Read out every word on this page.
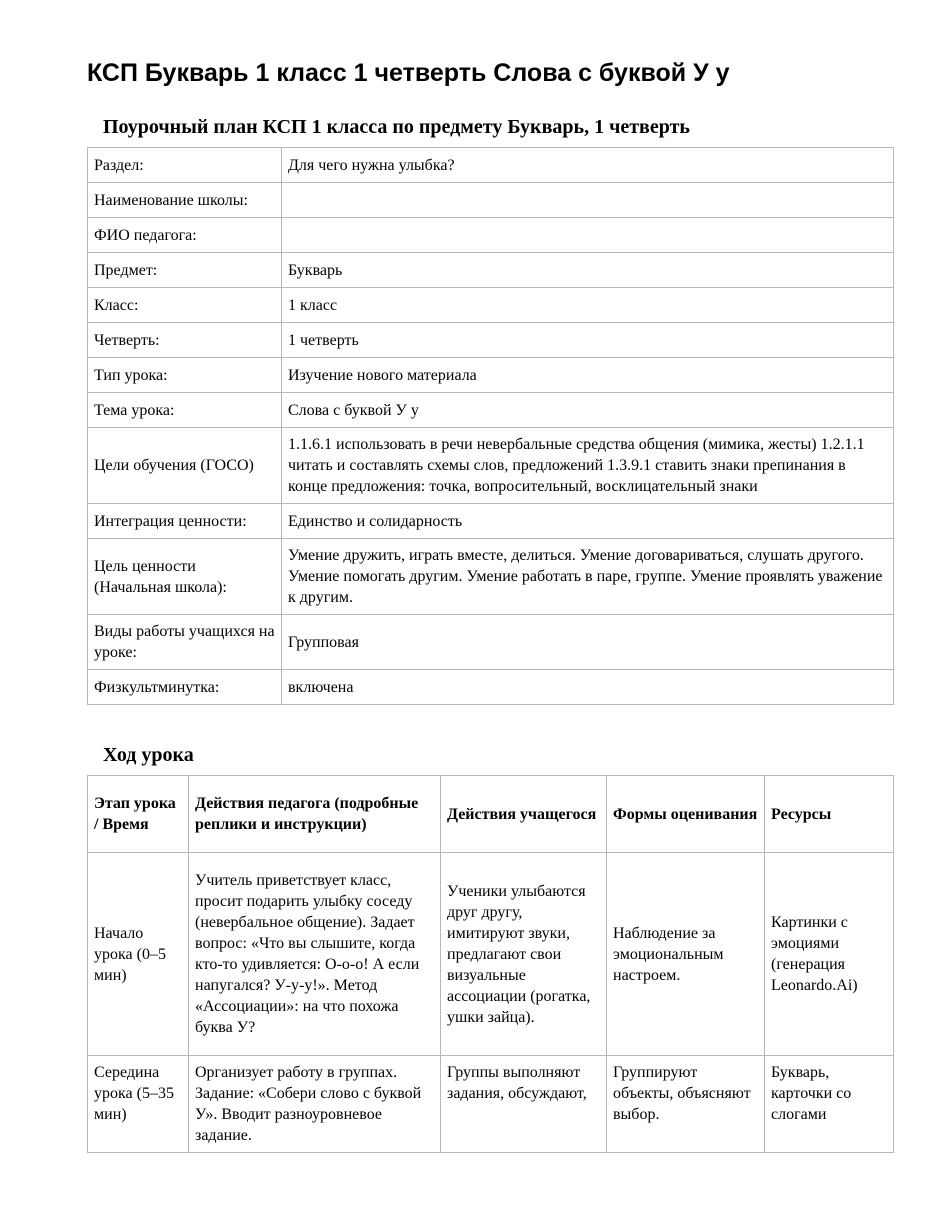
КСП Букварь 1 класс 1 четверть Слова с буквой У у
Поурочный план КСП 1 класса по предмету Букварь, 1 четверть
Раздел:	Для чего нужна улыбка?
Наименование школы:	
ФИО педагога:	
Предмет:	Букварь
Класс:	1 класс
Четверть:	1 четверть
Тип урока:	Изучение нового материала
Тема урока:	Слова с буквой У у
Цели обучения (ГОСО)	1.1.6.1 использовать в речи невербальные средства общения (мимика, жесты) 1.2.1.1 читать и составлять схемы слов, предложений 1.3.9.1 ставить знаки препинания в конце предложения: точка, вопросительный, восклицательный знаки
Интеграция ценности:	Единство и солидарность
Цель ценности (Начальная школа):	Умение дружить, играть вместе, делиться. Умение договариваться, слушать другого. Умение помогать другим. Умение работать в паре, группе. Умение проявлять уважение к другим.
Виды работы учащихся на уроке:	Групповая
Физкультминутка:	включена
Ход урока
Этап урока / Время	Действия педагога (подробные реплики и инструкции)	Действия учащегося	Формы оценивания	Ресурсы
Начало урока (0–5 мин)	Учитель приветствует класс, просит подарить улыбку соседу (невербальное общение). Задает вопрос: «Что вы слышите, когда кто-то удивляется: О-о-о! А если напугался? У-у-у!». Метод «Ассоциации»: на что похожа буква У?	Ученики улыбаются друг другу, имитируют звуки, предлагают свои визуальные ассоциации (рогатка, ушки зайца).	Наблюдение за эмоциональным настроем.	Картинки с эмоциями (генерация Leonardo.Ai)
Середина урока (5–35 мин)	Организует работу в группах. Задание: «Собери слово с буквой У». Вводит разноуровневое задание.	Группы выполняют задания, обсуждают,	Группируют объекты, объясняют выбор.	Букварь, карточки со слогами
